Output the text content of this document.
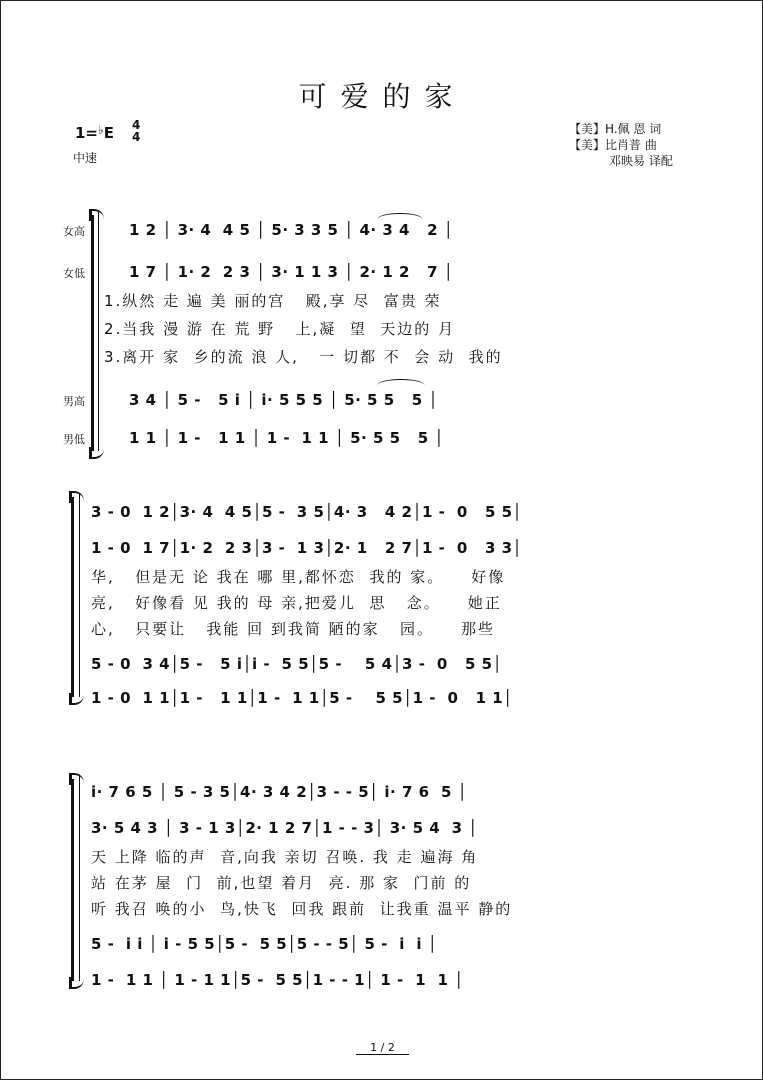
可爱的家
1=♭E 4
4
中速
【美】H.佩 恩 词
【美】比肖普 曲
邓映易 译配
女高	1 2 │ 3· 4  4 5 │ 5· 3 3 5 │ 4· 3 4   2 │
女低	1 7 │ 1· 2  2 3 │ 3· 1 1 3 │ 2· 1 2   7 │
1.纵然 走 遍 美 丽的宫   殿,享 尽  富贵 荣
2.当我 漫 游 在 荒 野   上,凝  望  天边的 月
3.离开 家  乡的流 浪 人,   一 切都 不  会 动  我的
男高	3 4 │ 5 -   5 i │ i· 5 5 5 │ 5· 5 5   5 │
男低	1 1 │ 1 -   1 1 │ 1 -  1 1 │ 5· 5 5   5 │
3 - 0  1 2│3· 4  4 5│5 -  3 5│4· 3   4 2│1 -  0   5 5│
1 - 0  1 7│1· 2  2 3│3 -  1 3│2· 1   2 7│1 -  0   3 3│
华,   但是无 论 我在 哪 里,都怀恋  我的 家。    好像
亮,   好像看 见 我的 母 亲,把爱儿  思   念。    她正
心,   只要让   我能 回 到我简 陋的家   园。    那些
5 - 0  3 4│5 -   5 i│i -  5 5│5 -    5 4│3 -  0   5 5│
1 - 0  1 1│1 -   1 1│1 -  1 1│5 -    5 5│1 -  0   1 1│
i· 7 6 5 │ 5 - 3 5│4· 3 4 2│3 - - 5│ i· 7 6  5 │
3· 5 4 3 │ 3 - 1 3│2· 1 2 7│1 - - 3│ 3· 5 4  3 │
天 上降 临的声  音,向我 亲切 召唤. 我 走 遍海 角
站 在茅 屋  门  前,也望 着月  亮. 那 家  门前 的
听 我召 唤的小  鸟,快飞  回我 跟前  让我重 温平 静的
5 -  i i │ i - 5 5│5 -  5 5│5 - - 5│ 5 -  i  i │
1 -  1 1 │ 1 - 1 1│5 -  5 5│1 - - 1│ 1 -  1  1 │
1 / 2
